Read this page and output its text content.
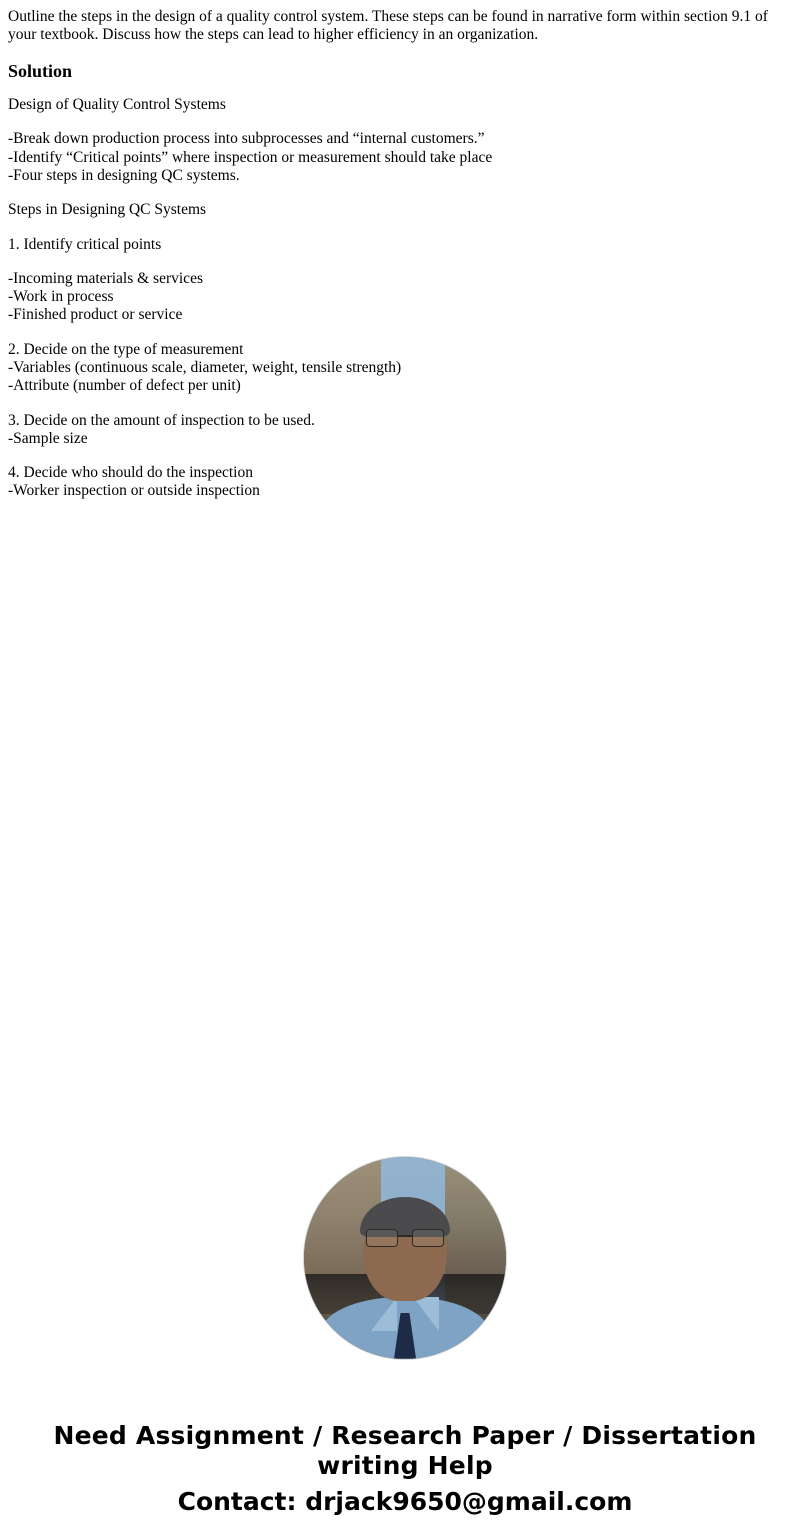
Outline the steps in the design of a quality control system. These steps can be found in narrative form within section 9.1 of your textbook. Discuss how the steps can lead to higher efficiency in an organization.

Solution

Design of Quality Control Systems

-Break down production process into subprocesses and “internal customers.”

-Identify “Critical points” where inspection or measurement should take place

-Four steps in designing QC systems.

Steps in Designing QC Systems

1. Identify critical points

-Incoming materials & services

-Work in process

-Finished product or service

2. Decide on the type of measurement

-Variables (continuous scale, diameter, weight, tensile strength)

-Attribute (number of defect per unit)

3. Decide on the amount of inspection to be used.

-Sample size

4. Decide who should do the inspection

-Worker inspection or outside inspection

Need Assignment / Research Paper / Dissertation writing Help
Contact: drjack9650@gmail.com
